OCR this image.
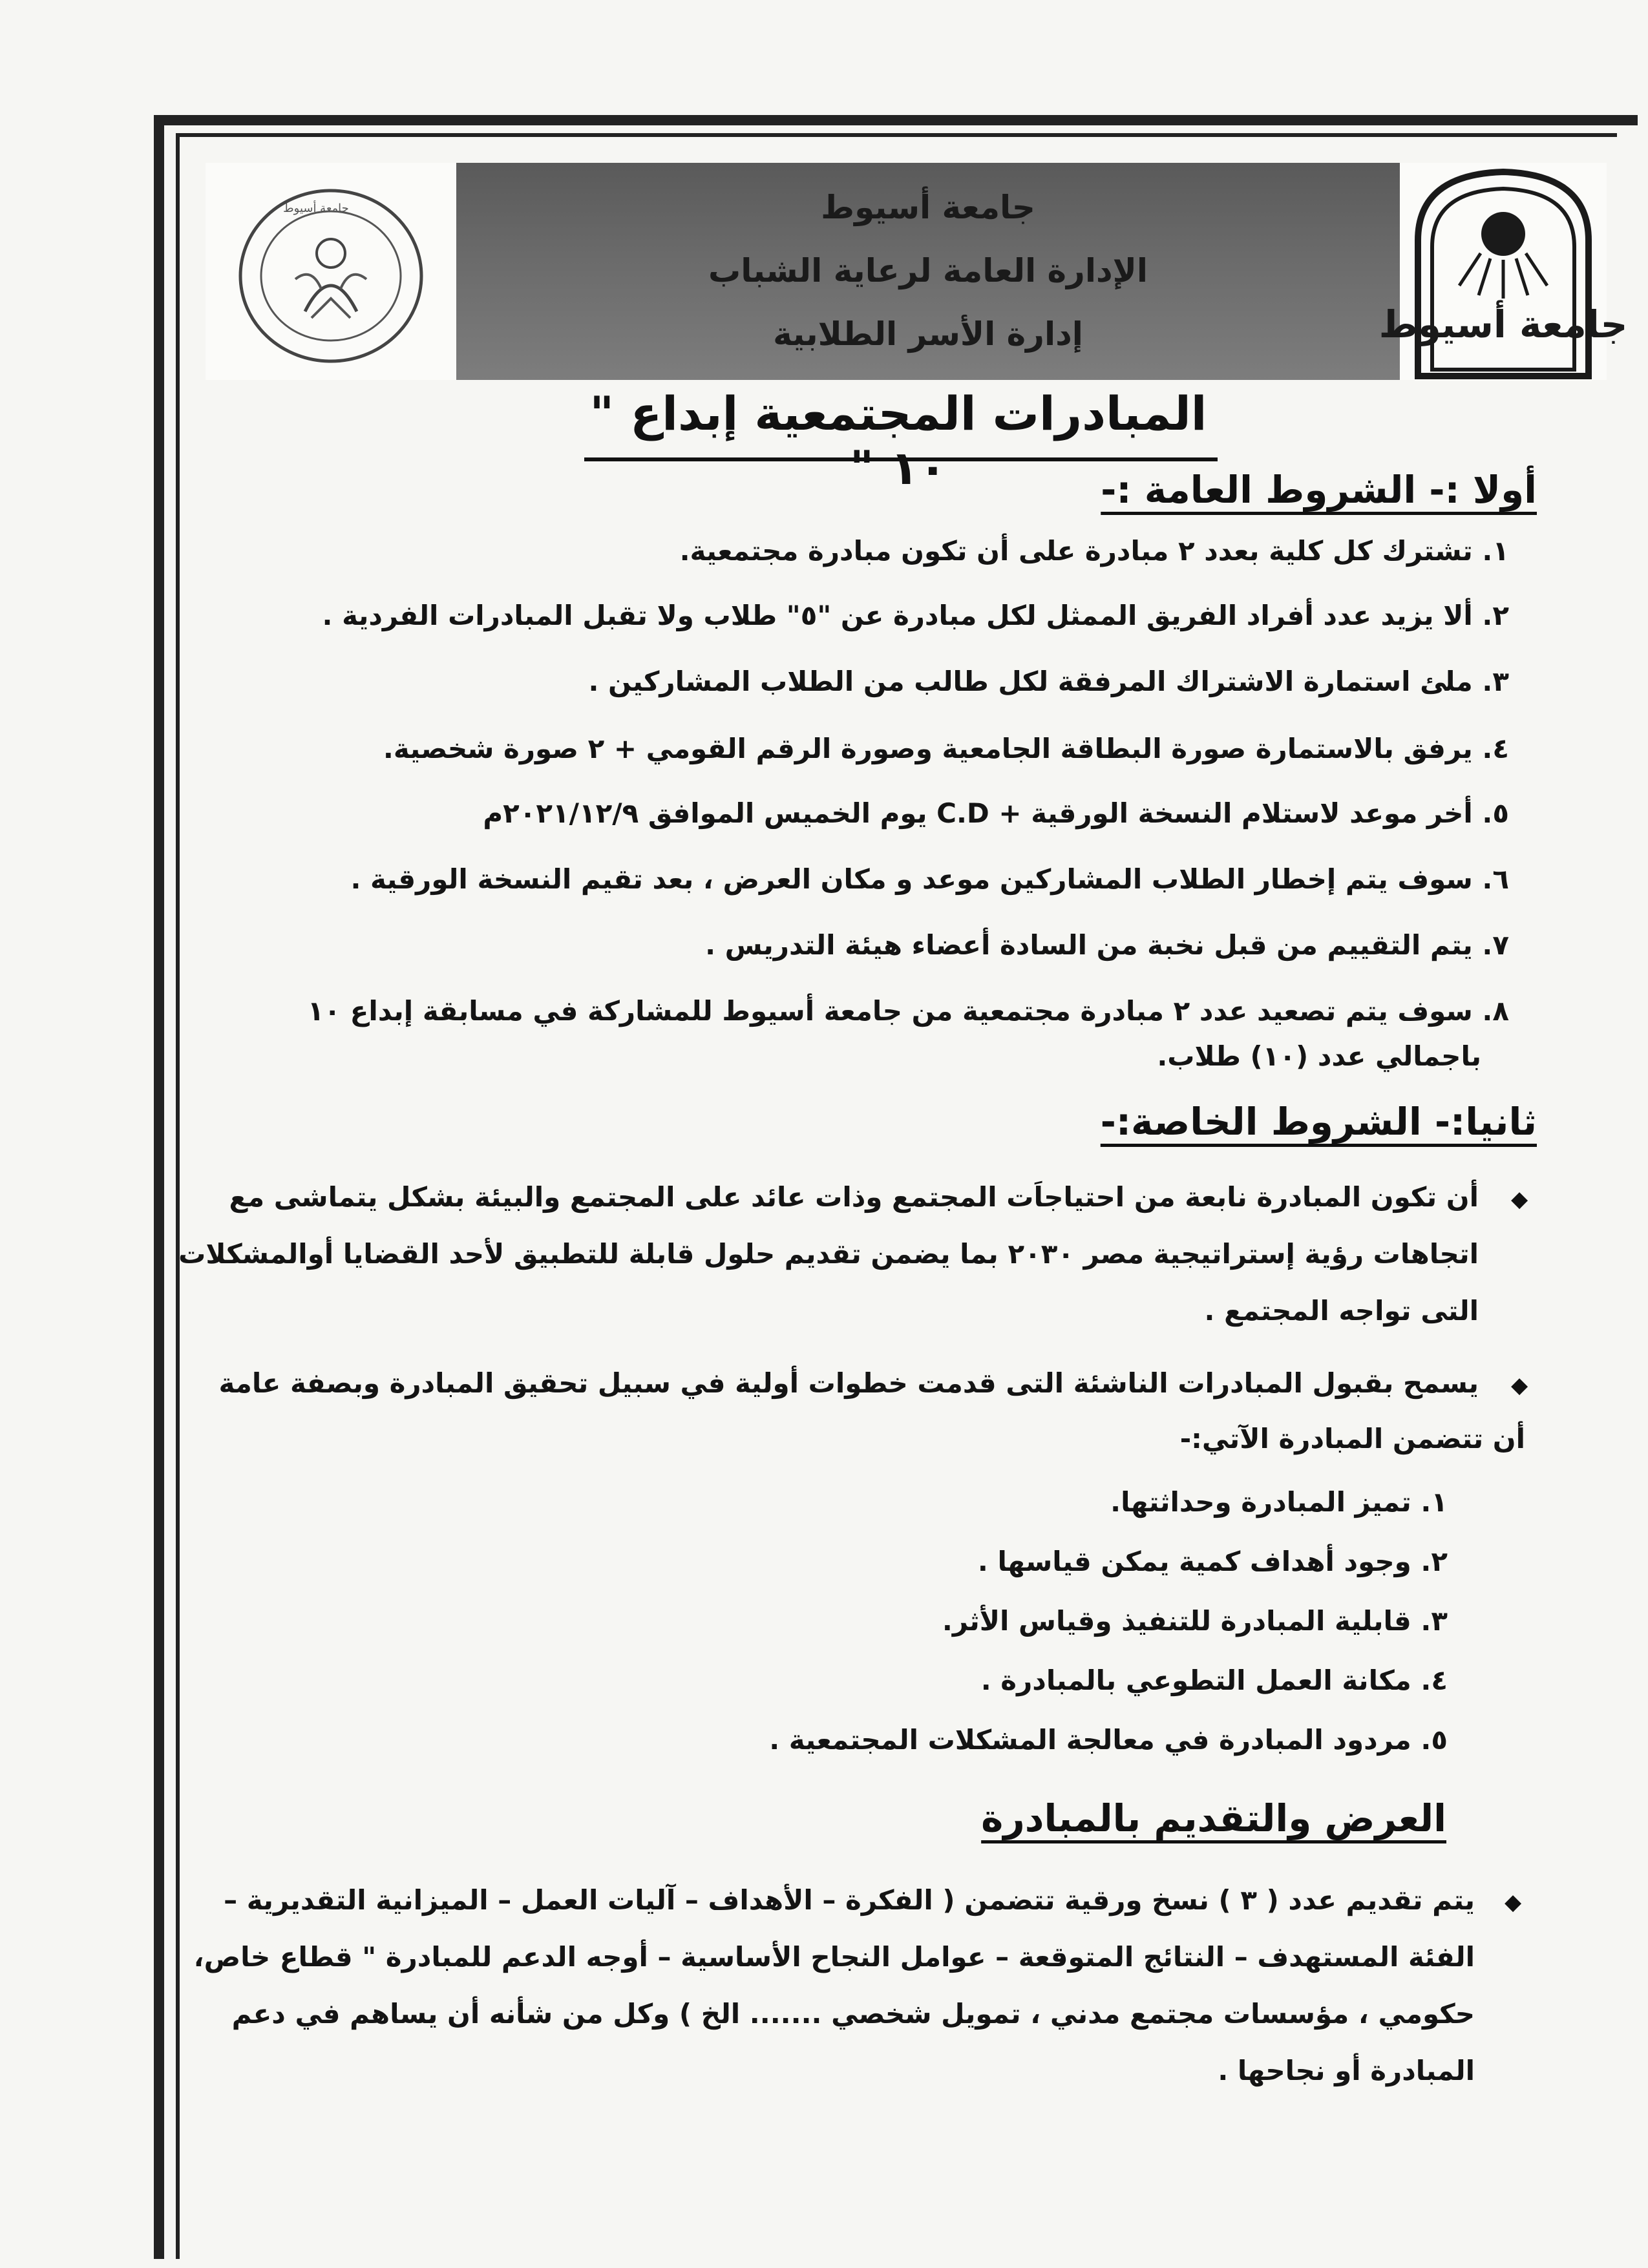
جامعة أسيوط	جامعة أسيوط
الإدارة العامة لرعاية الشباب
إدارة الأسر الطلابية	جامعة أسيوط
المبادرات المجتمعية إبداع " ١٠ "	أولا :- الشروط العامة :-
١. تشترك كل كلية بعدد ٢ مبادرة على أن تكون مبادرة مجتمعية.
٢. ألا يزيد عدد أفراد الفريق الممثل لكل مبادرة عن "٥" طلاب ولا تقبل المبادرات الفردية .
٣. ملئ استمارة الاشتراك المرفقة لكل طالب من الطلاب المشاركين .
٤. يرفق بالاستمارة صورة البطاقة الجامعية وصورة الرقم القومي + ٢ صورة شخصية.
٥. أخر موعد لاستلام النسخة الورقية + C.D يوم الخميس الموافق ٢٠٢١/١٢/٩م
٦. سوف يتم إخطار الطلاب المشاركين موعد و مكان العرض ، بعد تقيم النسخة الورقية .
٧. يتم التقييم من قبل نخبة من السادة أعضاء هيئة التدريس .
٨. سوف يتم تصعيد عدد ٢ مبادرة مجتمعية من جامعة أسيوط للمشاركة في مسابقة إبداع ١٠
باجمالي عدد (١٠) طلاب.
ثانيا:- الشروط الخاصة:-
◆
أن تكون المبادرة نابعة من احتياجاَت المجتمع وذات عائد على المجتمع والبيئة بشكل يتماشى مع
اتجاهات رؤية إستراتيجية مصر ٢٠٣٠ بما يضمن تقديم حلول قابلة للتطبيق لأحد القضايا أوالمشكلات
التى تواجه المجتمع .
◆
يسمح بقبول المبادرات الناشئة التى قدمت خطوات أولية في سبيل تحقيق المبادرة وبصفة عامة
أن تتضمن المبادرة الآتي:-
١. تميز المبادرة وحداثتها.
٢. وجود أهداف كمية يمكن قياسها .
٣. قابلية المبادرة للتنفيذ وقياس الأثر.
٤. مكانة العمل التطوعي بالمبادرة .
٥. مردود المبادرة في معالجة المشكلات المجتمعية .
العرض والتقديم بالمبادرة
◆
يتم تقديم عدد ( ٣ ) نسخ ورقية تتضمن ( الفكرة – الأهداف – آليات العمل – الميزانية التقديرية –
الفئة المستهدف – النتائج المتوقعة – عوامل النجاح الأساسية – أوجه الدعم للمبادرة " قطاع خاص،
حكومي ، مؤسسات مجتمع مدني ، تمويل شخصي ....... الخ ) وكل من شأنه أن يساهم في دعم
المبادرة أو نجاحها .
